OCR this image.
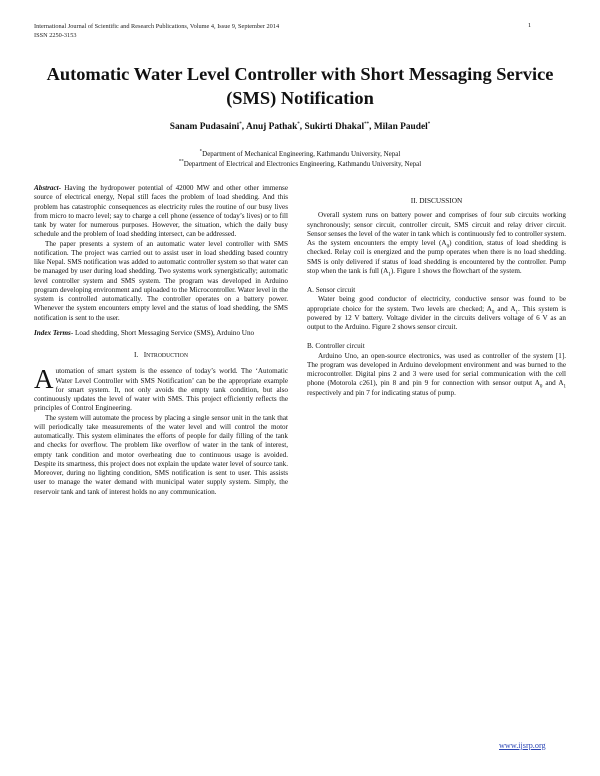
International Journal of Scientific and Research Publications, Volume 4, Issue 9, September 2014
ISSN 2250-3153
1
Automatic Water Level Controller with Short Messaging Service (SMS) Notification
Sanam Pudasaini*, Anuj Pathak*, Sukirti Dhakal**, Milan Paudel*
*Department of Mechanical Engineering, Kathmandu University, Nepal
**Department of Electrical and Electronics Engineering, Kathmandu University, Nepal

Abstract- Having the hydropower potential of 42000 MW and other other immense source of electrical energy, Nepal still faces the problem of load shedding. And this problem has catastrophic consequences as electricity rules the routine of our busy lives from micro to macro level; say to charge a cell phone (essence of today’s lives) or to fill tank by water for numerous purposes. However, the situation, which the daily busy schedule and the problem of load shedding intersect, can be addressed.

The paper presents a system of an automatic water level controller with SMS notification. The project was carried out to assist user in load shedding based country like Nepal. SMS notification was added to automatic controller system so that water can be managed by user during load shedding. Two systems work synergistically; automatic level controller system and SMS system. The program was developed in Arduino program developing environment and uploaded to the Microcontroller. Water level in the system is controlled automatically. The controller operates on a battery power. Whenever the system encounters empty level and the status of load shedding, the SMS notification is sent to the user.

Index Terms- Load shedding, Short Messaging Service (SMS), Arduino Uno

I. INTRODUCTION

Automation of smart system is the essence of today’s world. The ‘Automatic Water Level Controller with SMS Notification’ can be the appropriate example for smart system. It, not only avoids the empty tank condition, but also continuously updates the level of water with SMS. This project efficiently reflects the principles of Control Engineering.

The system will automate the process by placing a single sensor unit in the tank that will periodically take measurements of the water level and will control the motor automatically. This system eliminates the efforts of people for daily filling of the tank and checks for overflow. The problem like overflow of water in the tank of interest, empty tank condition and motor overheating due to continuous usage is avoided. Despite its smartness, this project does not explain the update water level of source tank. Moreover, during no lighting condition, SMS notification is sent to user. This assists user to manage the water demand with municipal water supply system. Simply, the reservoir tank and tank of interest holds no any communication.

II. DISCUSSION

Overall system runs on battery power and comprises of four sub circuits working synchronously; sensor circuit, controller circuit, SMS circuit and relay driver circuit. Sensor senses the level of the water in tank which is continuously fed to controller system. As the system encounters the empty level $(A_0)$ condition, status of load shedding is checked. Relay coil is energized and the pump operates when there is no load shedding. SMS is only delivered if status of load shedding is encountered by the controller. Pump stop when the tank is full $(A_1)$. Figure 1 shows the flowchart of the system.

A. Sensor circuit

Water being good conductor of electricity, conductive sensor was found to be appropriate choice for the system. Two levels are checked; $A_0$ and $A_1$. This system is powered by 12 V battery. Voltage divider in the circuits delivers voltage of 6 V as an output to the Arduino. Figure 2 shows sensor circuit.

B. Controller circuit

Arduino Uno, an open-source electronics, was used as controller of the system [1]. The program was developed in Arduino development environment and was burned to the microcontroller. Digital pins 2 and 3 were used for serial communication with the cell phone (Motorola c261), pin 8 and pin 9 for connection with sensor output $A_0$ and $A_1$ respectively and pin 7 for indicating status of pump.

www.ijsrp.org
